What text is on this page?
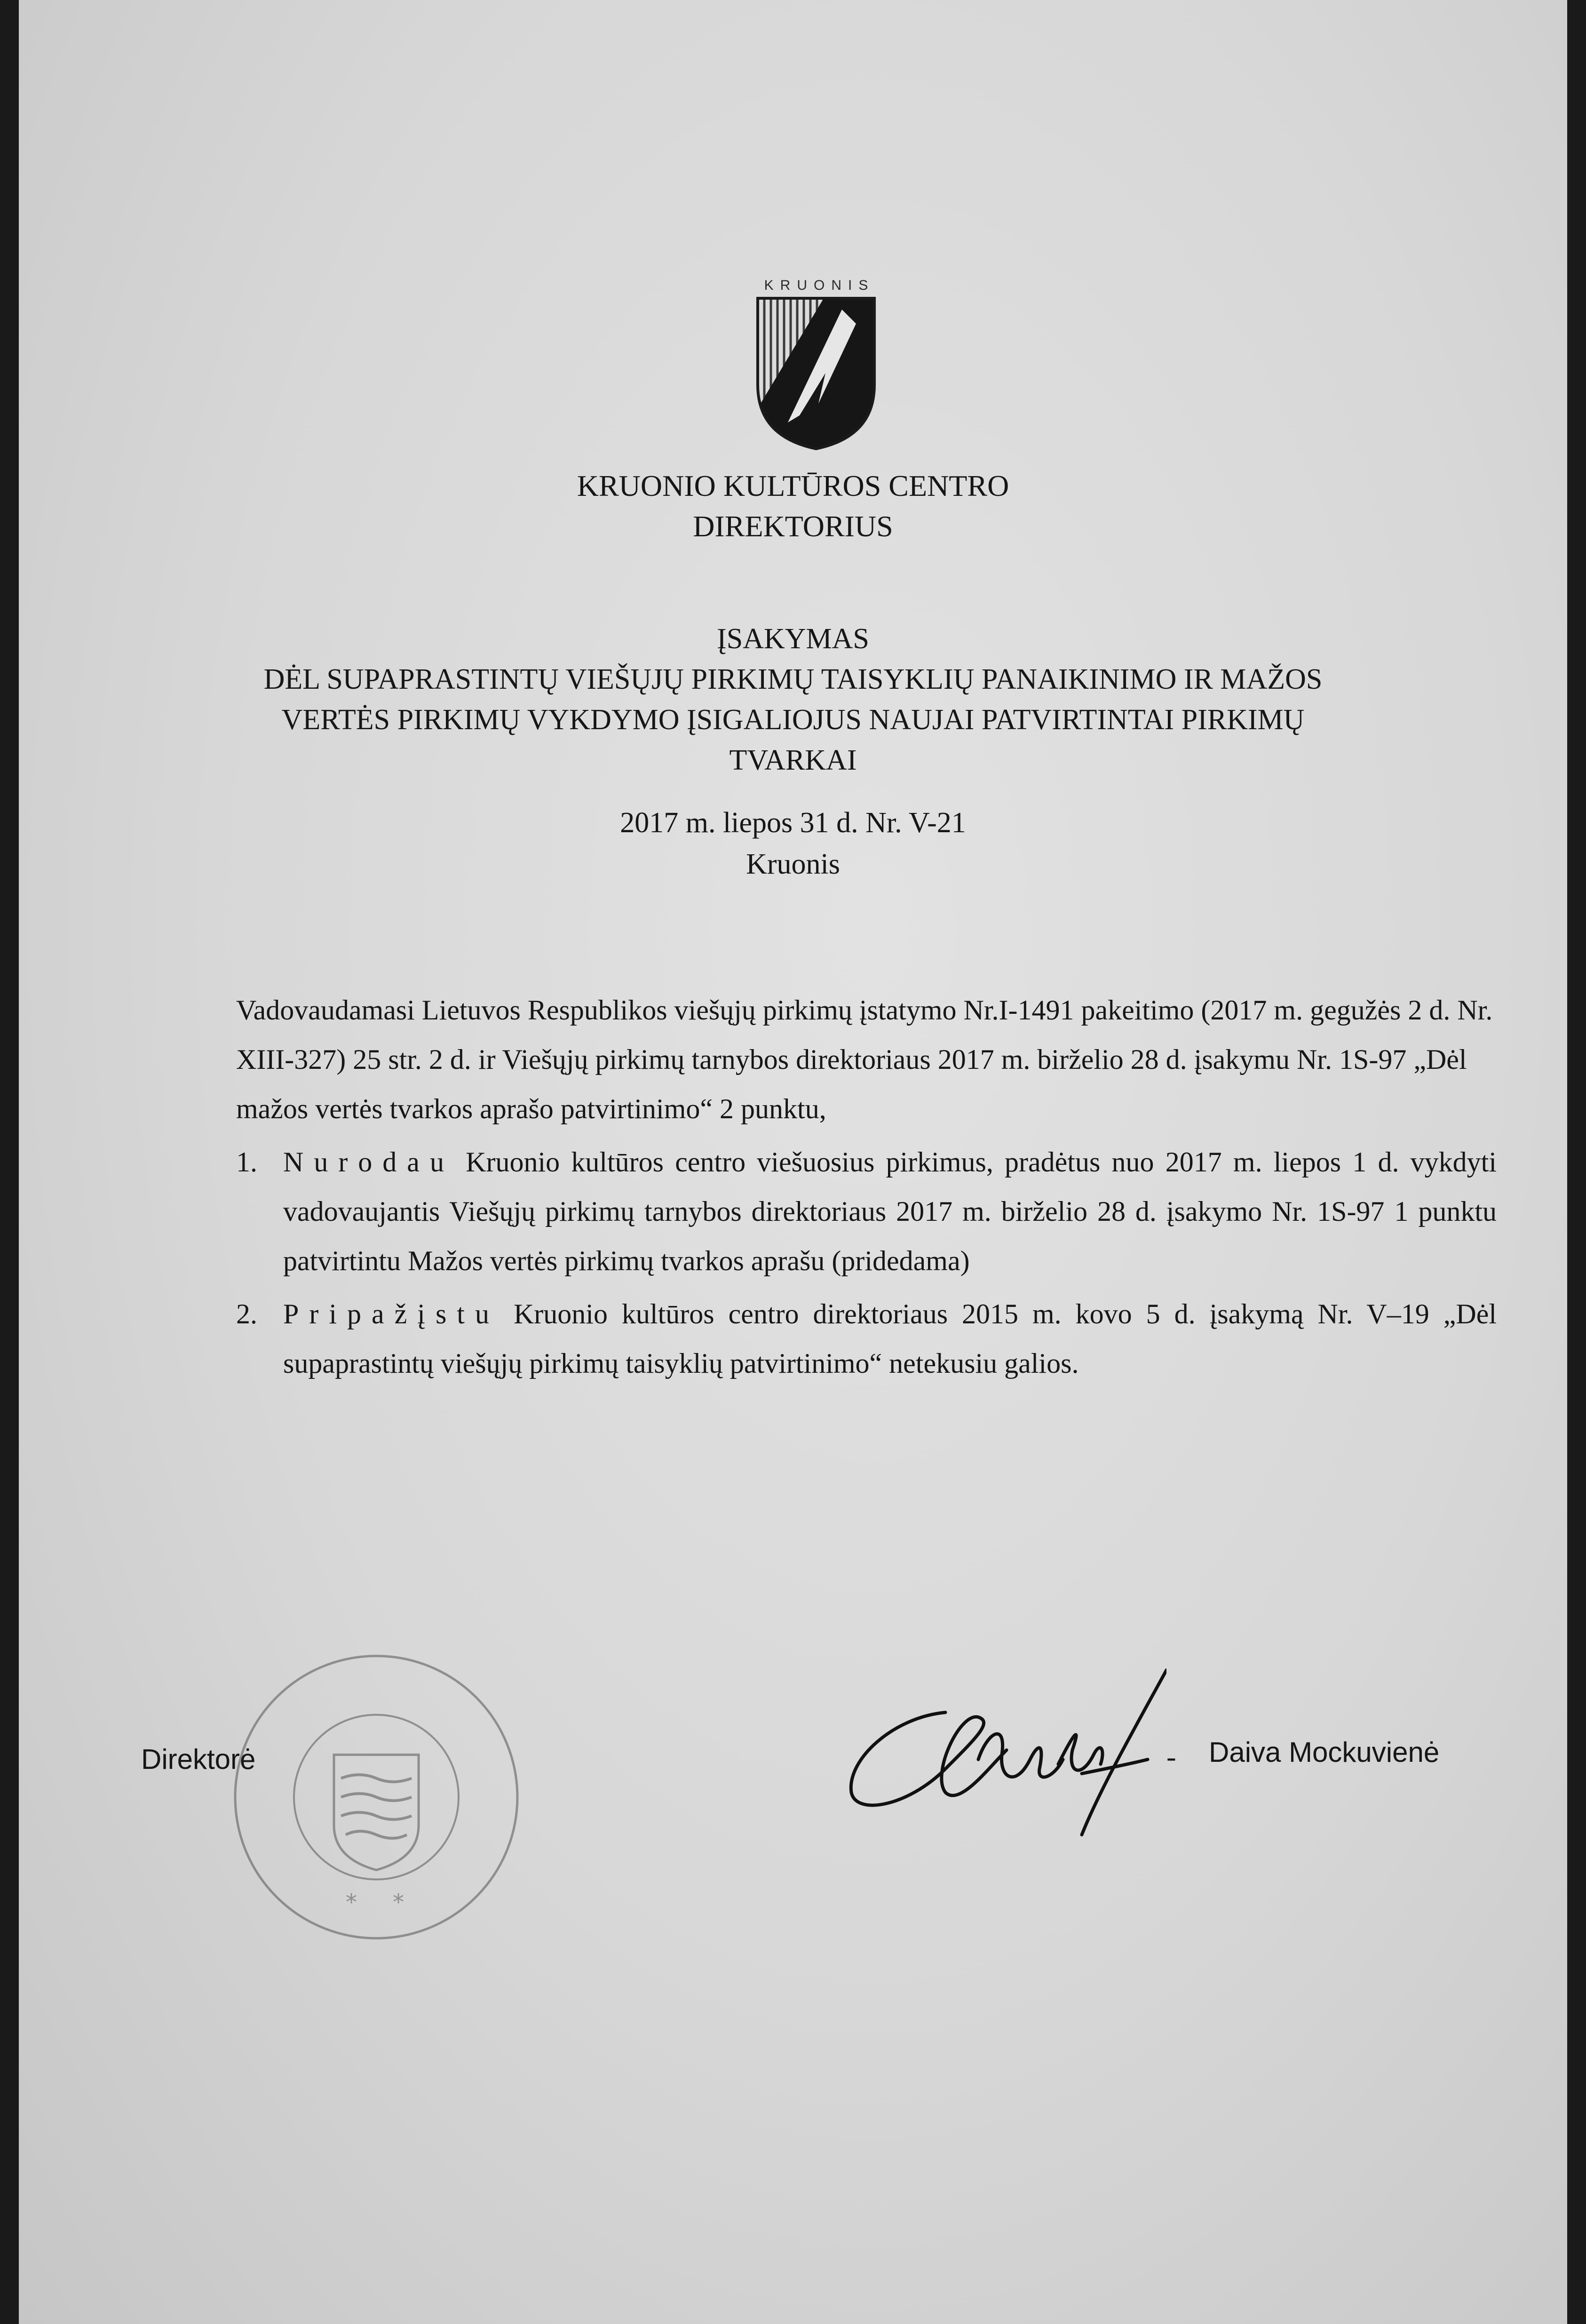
KRUONIS
KRUONIO KULTŪROS CENTRO
DIREKTORIUS
ĮSAKYMAS
DĖL SUPAPRASTINTŲ VIEŠŲJŲ PIRKIMŲ TAISYKLIŲ PANAIKINIMO IR MAŽOS
VERTĖS PIRKIMŲ VYKDYMO ĮSIGALIOJUS NAUJAI PATVIRTINTAI PIRKIMŲ
TVARKAI
2017 m. liepos 31 d. Nr. V-21
Kruonis

Vadovaudamasi Lietuvos Respublikos viešųjų pirkimų įstatymo Nr.I-1491 pakeitimo (2017 m. gegužės 2 d. Nr. XIII-327) 25 str. 2 d. ir Viešųjų pirkimų tarnybos direktoriaus 2017 m. birželio 28 d. įsakymu Nr. 1S-97 „Dėl mažos vertės tvarkos aprašo patvirtinimo“ 2 punktu,

1. Nurodau Kruonio kultūros centro viešuosius pirkimus, pradėtus nuo 2017 m. liepos 1 d. vykdyti vadovaujantis Viešųjų pirkimų tarnybos direktoriaus 2017 m. birželio 28 d. įsakymo Nr. 1S-97 1 punktu patvirtintu Mažos vertės pirkimų tvarkos aprašu (pridedama)
2. Pripažįstu Kruonio kultūros centro direktoriaus 2015 m. kovo 5 d. įsakymą Nr. V–19 „Dėl supaprastintų viešųjų pirkimų taisyklių patvirtinimo“ netekusiu galios.
* *
Direktorė	- Daiva Mockuvienė
